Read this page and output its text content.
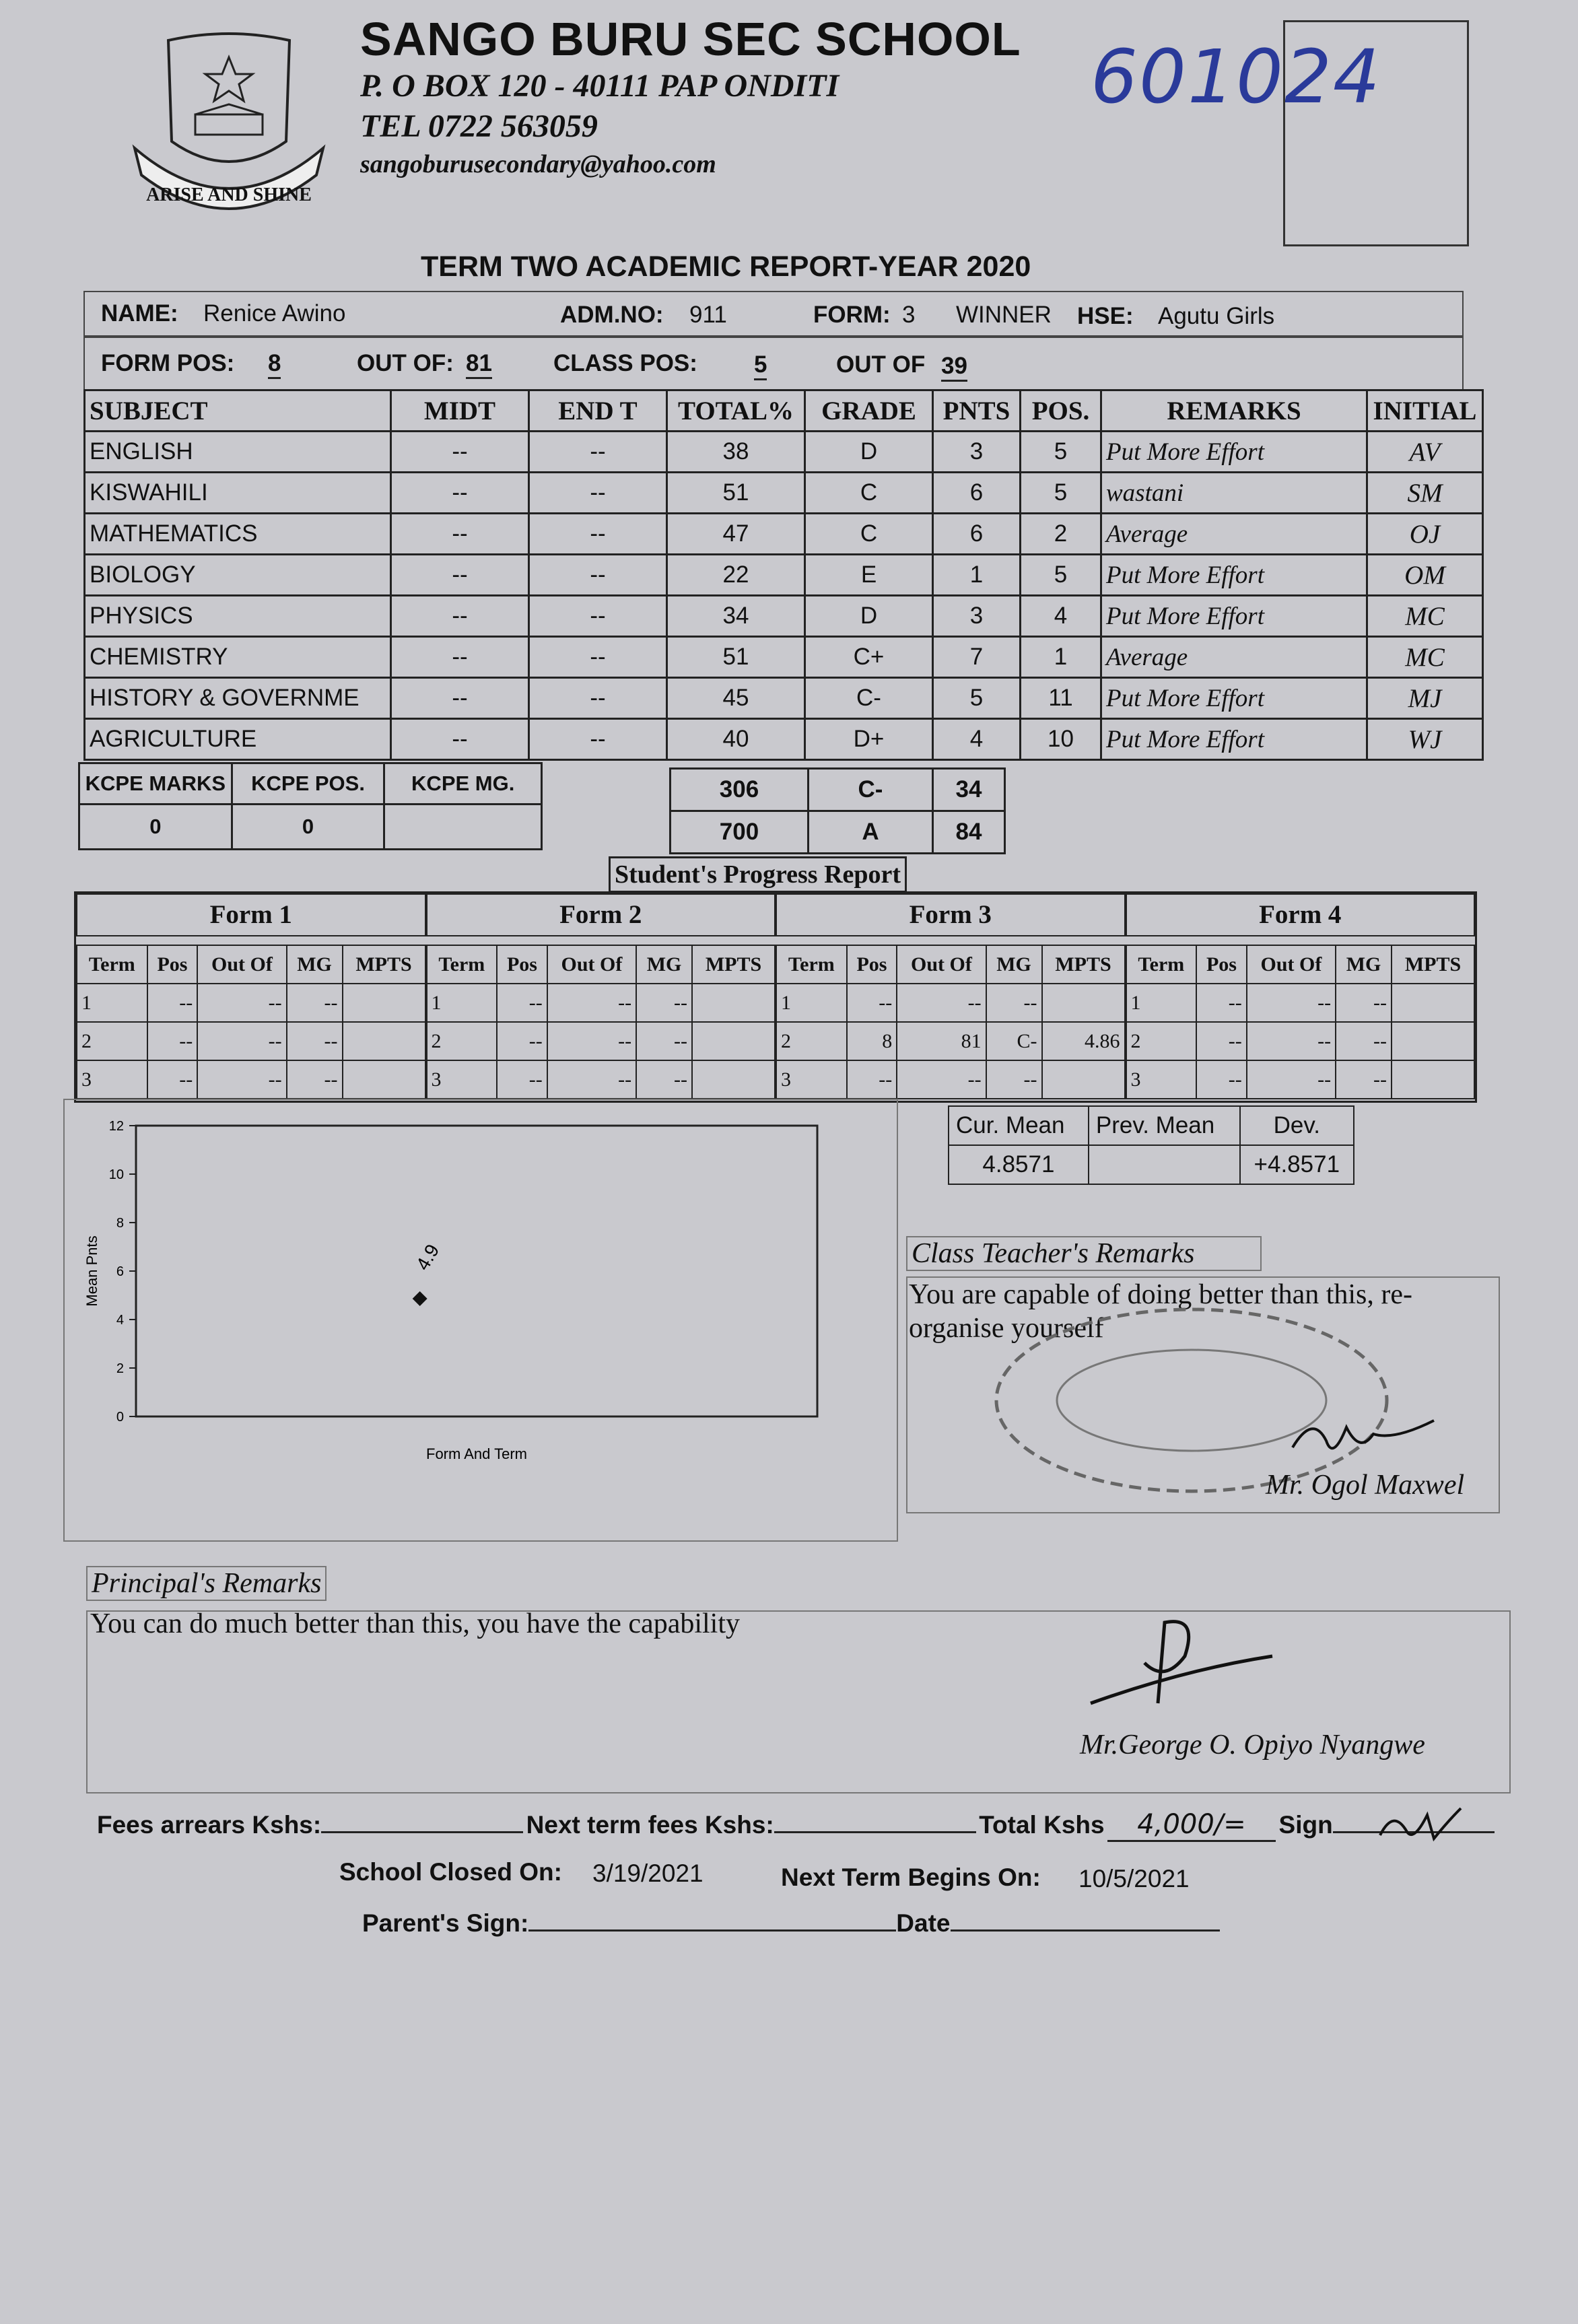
ARISE AND SHINE
SANGO BURU SEC SCHOOL
P. O BOX 120 - 40111 PAP ONDITI
TEL 0722 563059
sangoburusecondary@yahoo.com
601024
TERM TWO ACADEMIC REPORT-YEAR 2020
NAME: Renice Awino	ADM.NO: 911	FORM: 3 WINNER HSE: Agutu Girls
FORM POS: 8	OUT OF: 81	CLASS POS: 5	OUT OF 39
SUBJECT	MIDT	END T	TOTAL%	GRADE	PNTS	POS.	REMARKS	INITIAL
ENGLISH	--	--	38	D	3	5	Put More Effort	AV
KISWAHILI	--	--	51	C	6	5	wastani	SM
MATHEMATICS	--	--	47	C	6	2	Average	OJ
BIOLOGY	--	--	22	E	1	5	Put More Effort	OM
PHYSICS	--	--	34	D	3	4	Put More Effort	MC
CHEMISTRY	--	--	51	C+	7	1	Average	MC
HISTORY & GOVERNME	--	--	45	C-	5	11	Put More Effort	MJ
AGRICULTURE	--	--	40	D+	4	10	Put More Effort	WJ
KCPE MARKS	KCPE POS.	KCPE MG.
0	0	
306	C-	34
700	A	84
Student's Progress Report
Form 1
Term	Pos	Out Of	MG	MPTS
1	--	--	--	
2	--	--	--	
3	--	--	--	
Form 2
Term	Pos	Out Of	MG	MPTS
1	--	--	--	
2	--	--	--	
3	--	--	--	
Form 3
Term	Pos	Out Of	MG	MPTS
1	--	--	--	
2	8	81	C-	4.86
3	--	--	--	
Form 4
Term	Pos	Out Of	MG	MPTS
1	--	--	--	
2	--	--	--	
3	--	--	--	
0
2
4
6
8
10
12
4.9
Mean Pnts
Form And Term
Cur. Mean	Prev. Mean	Dev.
4.8571		+4.8571
Class Teacher's Remarks
You are capable of doing better than this, re-organise yourself
Mr. Ogol Maxwel
Principal's Remarks
You can do much better than this, you have the capability
Mr.George O. Opiyo Nyangwe
Fees arrears Kshs:	Next term fees Kshs:	Total Kshs 4,000/= Sign
School Closed On: 3/19/2021	Next Term Begins On: 10/5/2021
Parent's Sign:	Date
